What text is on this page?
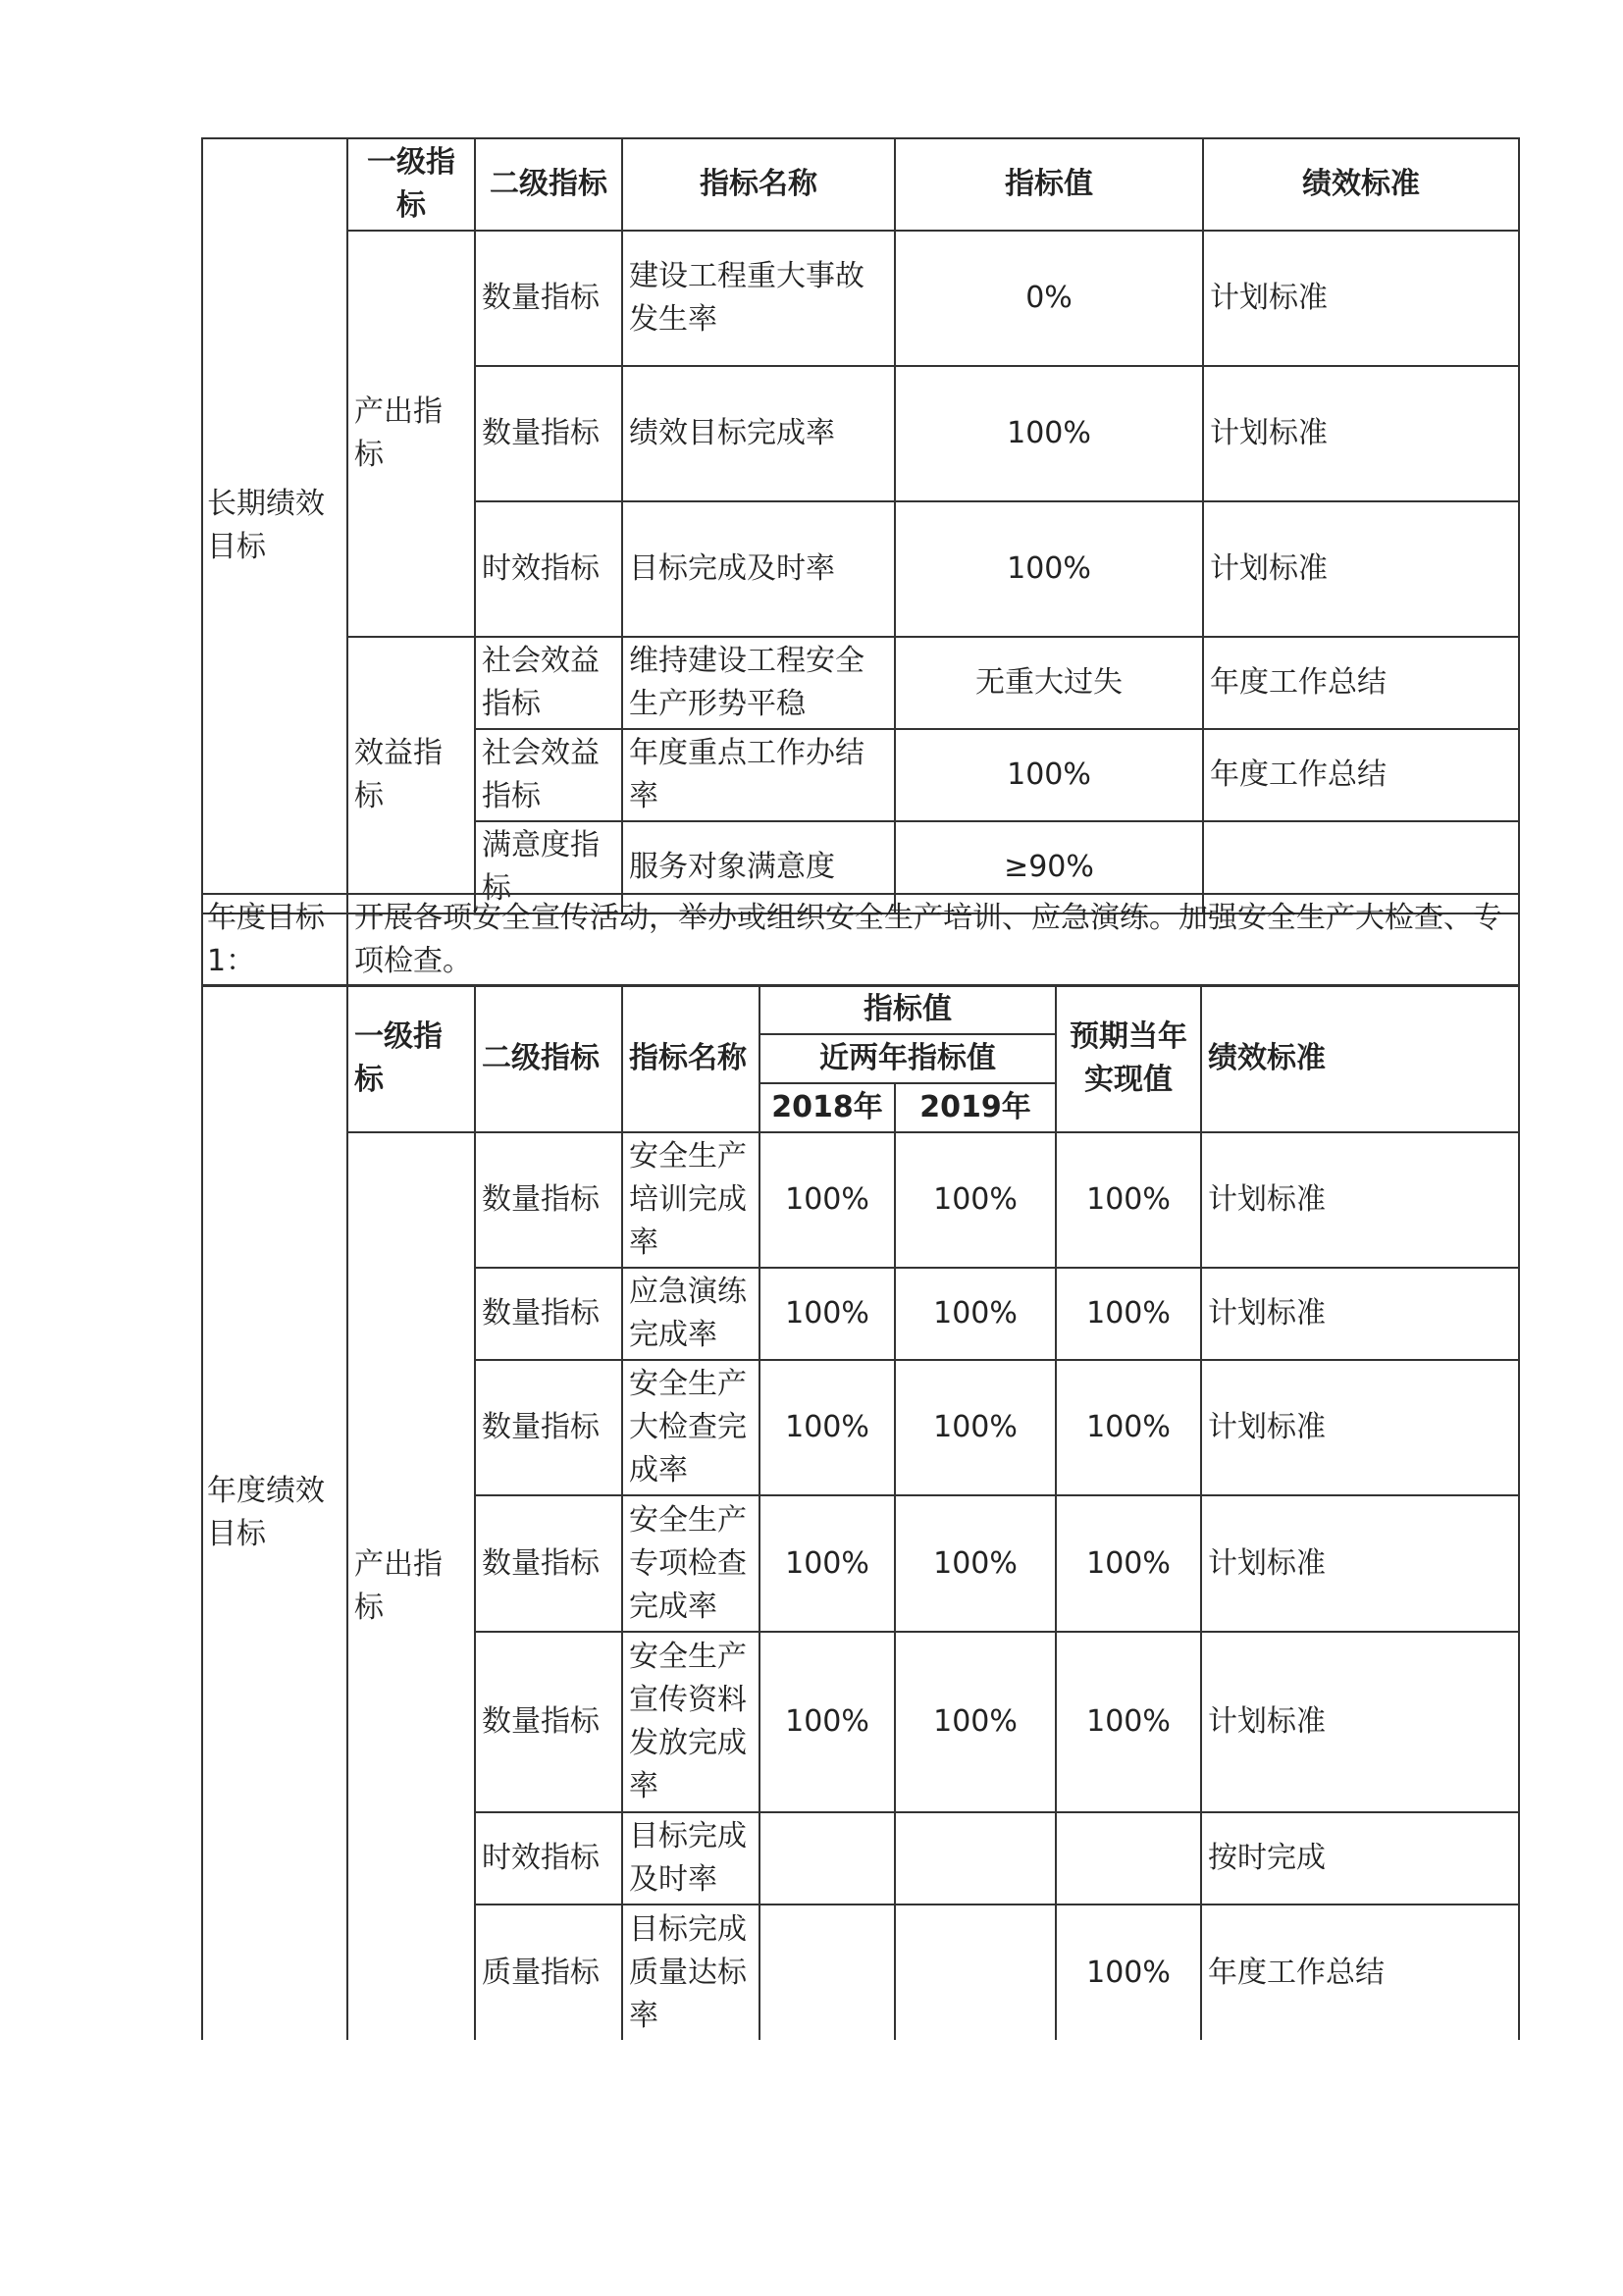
长期绩效目标	一级指标	二级指标	指标名称	指标值	绩效标准
	产出指标	数量指标	建设工程重大事故发生率	0%	计划标准
		数量指标	绩效目标完成率	100%	计划标准
		时效指标	目标完成及时率	100%	计划标准
	效益指标	社会效益指标	维持建设工程安全生产形势平稳	无重大过失	年度工作总结
		社会效益指标	年度重点工作办结率	100%	年度工作总结
		满意度指标	服务对象满意度	≥90%	
年度目标1：	开展各项安全宣传活动，举办或组织安全生产培训、应急演练。加强安全生产大检查、专项检查。
年度绩效目标	一级指标	二级指标	指标名称	指标值		预期当年实现值	绩效标准
				近两年指标值			
				2018年	2019年		
	产出指标	数量指标	安全生产培训完成率	100%	100%	100%	计划标准
		数量指标	应急演练完成率	100%	100%	100%	计划标准
		数量指标	安全生产大检查完成率	100%	100%	100%	计划标准
		数量指标	安全生产专项检查完成率	100%	100%	100%	计划标准
		数量指标	安全生产宣传资料发放完成率	100%	100%	100%	计划标准
		时效指标	目标完成及时率				按时完成
		质量指标	目标完成质量达标率			100%	年度工作总结
